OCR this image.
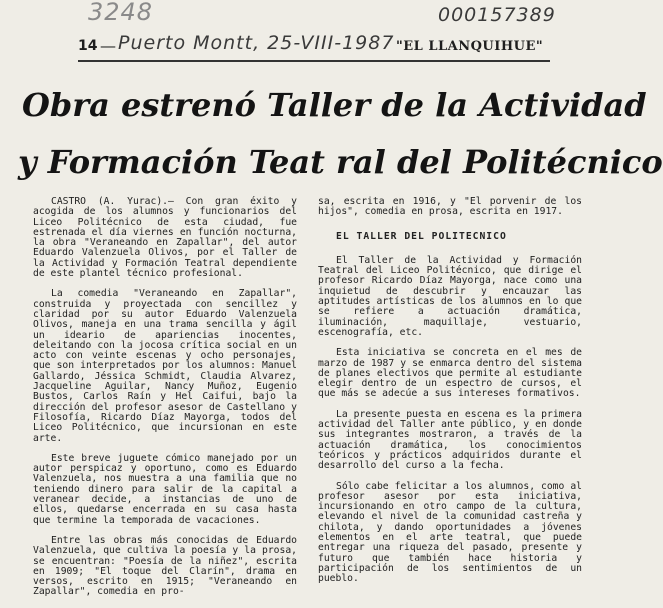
3248	000157389
14 — Puerto Montt, 25-VIII-1987 "EL LLANQUIHUE"
Obra estrenó Taller de la Actividad
y Formación Teat ral del Politécnico

CASTRO (A. Yurac).— Con gran éxito y acogida de los alumnos y funcionarios del Liceo Politécnico de esta ciudad, fue estrenada el día viernes en función nocturna, la obra "Veraneando en Zapallar", del autor Eduardo Valenzuela Olivos, por el Taller de la Actividad y Formación Teatral dependiente de este plantel técnico profesional.

La comedia "Veraneando en Zapallar", construida y proyectada con sencillez y claridad por su autor Eduardo Valenzuela Olivos, maneja en una trama sencilla y ágil un ideario de apariencias inocentes, deleitando con la jocosa crítica social en un acto con veinte escenas y ocho personajes, que son interpretados por los alumnos: Manuel Gallardo, Jéssica Schmidt, Claudia Alvarez, Jacqueline Aguilar, Nancy Muñoz, Eugenio Bustos, Carlos Raín y Hel Caifui, bajo la dirección del profesor asesor de Castellano y Filosofía, Ricardo Díaz Mayorga, todos del Liceo Politécnico, que incursionan en este arte.

Este breve juguete cómico manejado por un autor perspicaz y oportuno, como es Eduardo Valenzuela, nos muestra a una familia que no teniendo dinero para salir de la capital a veranear decide, a instancias de uno de ellos, quedarse encerrada en su casa hasta que termine la temporada de vacaciones.

Entre las obras más conocidas de Eduardo Valenzuela, que cultiva la poesía y la prosa, se encuentran: "Poesía de la niñez", escrita en 1909; "El toque del Clarín", drama en versos, escrito en 1915; "Veraneando en Zapallar", comedia en pro-

sa, escrita en 1916, y "El porvenir de los hijos", comedia en prosa, escrita en 1917.

EL TALLER DEL POLITECNICO

El Taller de la Actividad y Formación Teatral del Liceo Politécnico, que dirige el profesor Ricardo Díaz Mayorga, nace como una inquietud de descubrir y encauzar las aptitudes artísticas de los alumnos en lo que se refiere a actuación dramática, iluminación, maquillaje, vestuario, escenografía, etc.

Esta iniciativa se concreta en el mes de marzo de 1987 y se enmarca dentro del sistema de planes electivos que permite al estudiante elegir dentro de un espectro de cursos, el que más se adecúe a sus intereses formativos.

La presente puesta en escena es la primera actividad del Taller ante público, y en donde sus integrantes mostraron, a través de la actuación dramática, los conocimientos teóricos y prácticos adquiridos durante el desarrollo del curso a la fecha.

Sólo cabe felicitar a los alumnos, como al profesor asesor por esta iniciativa, incursionando en otro campo de la cultura, elevando el nivel de la comunidad castreña y chilota, y dando oportunidades a jóvenes elementos en el arte teatral, que puede entregar una riqueza del pasado, presente y futuro que también hace historia y participación de los sentimientos de un pueblo.
